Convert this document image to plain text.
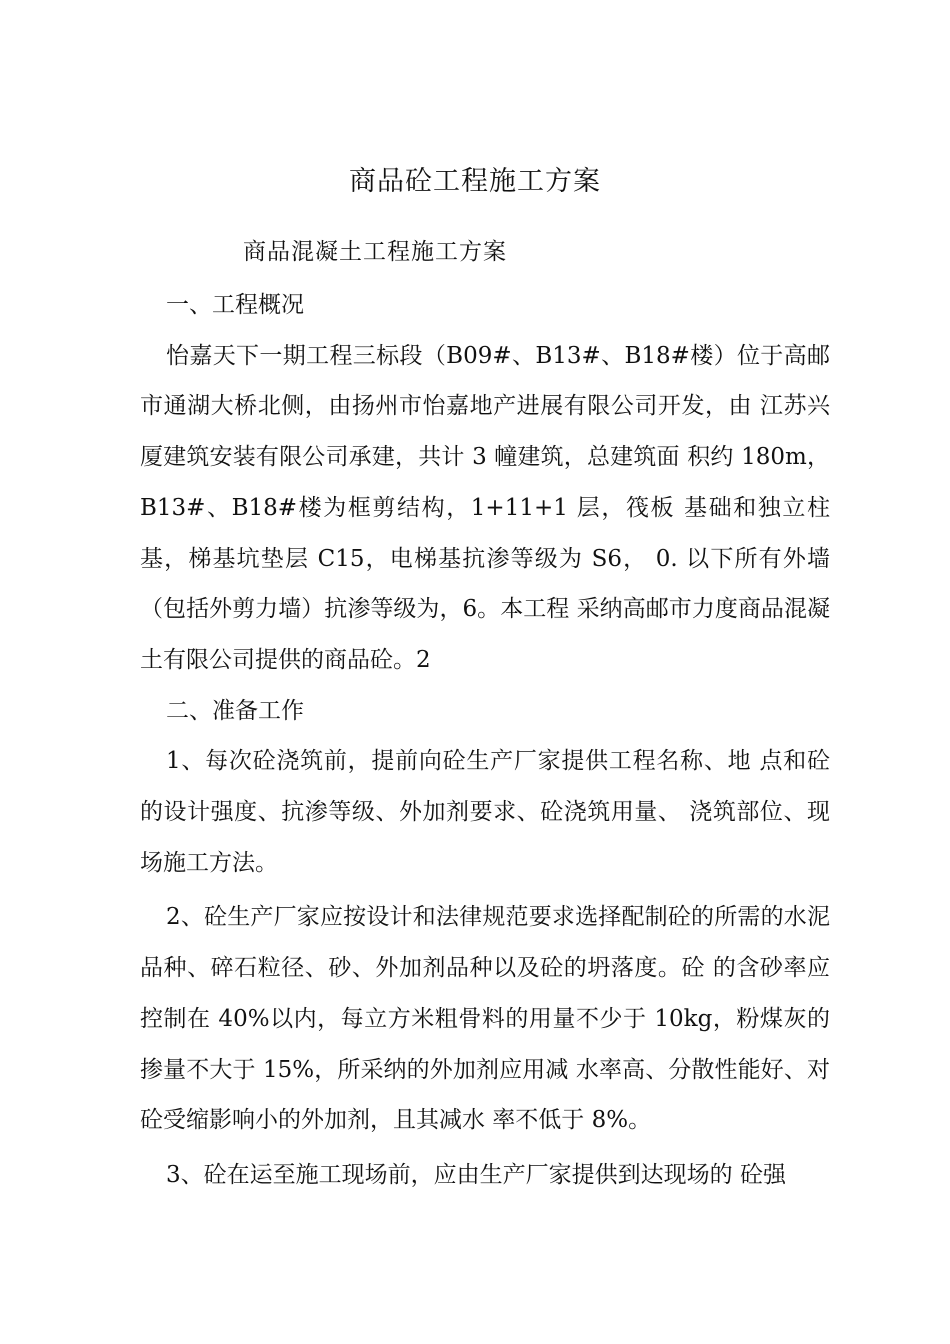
商品砼工程施工方案
商品混凝土工程施工方案

一、工程概况

怡嘉天下一期工程三标段（B09#、B13#、B18#楼）位于高邮市通湖大桥北侧，由扬州市怡嘉地产进展有限公司开发，由 江苏兴厦建筑安装有限公司承建，共计 3 幢建筑，总建筑面 积约 180m，B13#、B18#楼为框剪结构，1+11+1 层，筏板 基础和独立柱基，梯基坑垫层 C15，电梯基抗渗等级为 S6， 0. 以下所有外墙（包括外剪力墙）抗渗等级为，6。本工程 采纳高邮市力度商品混凝土有限公司提供的商品砼。2

二、准备工作

1、每次砼浇筑前，提前向砼生产厂家提供工程名称、地 点和砼的设计强度、抗渗等级、外加剂要求、砼浇筑用量、 浇筑部位、现场施工方法。

2、砼生产厂家应按设计和法律规范要求选择配制砼的所需的水泥品种、碎石粒径、砂、外加剂品种以及砼的坍落度。砼 的含砂率应控制在 40%以内，每立方米粗骨料的用量不少于 10kg，粉煤灰的掺量不大于 15%，所采纳的外加剂应用减 水率高、分散性能好、对砼受缩影响小的外加剂，且其减水 率不低于 8%。

3、砼在运至施工现场前，应由生产厂家提供到达现场的 砼强
